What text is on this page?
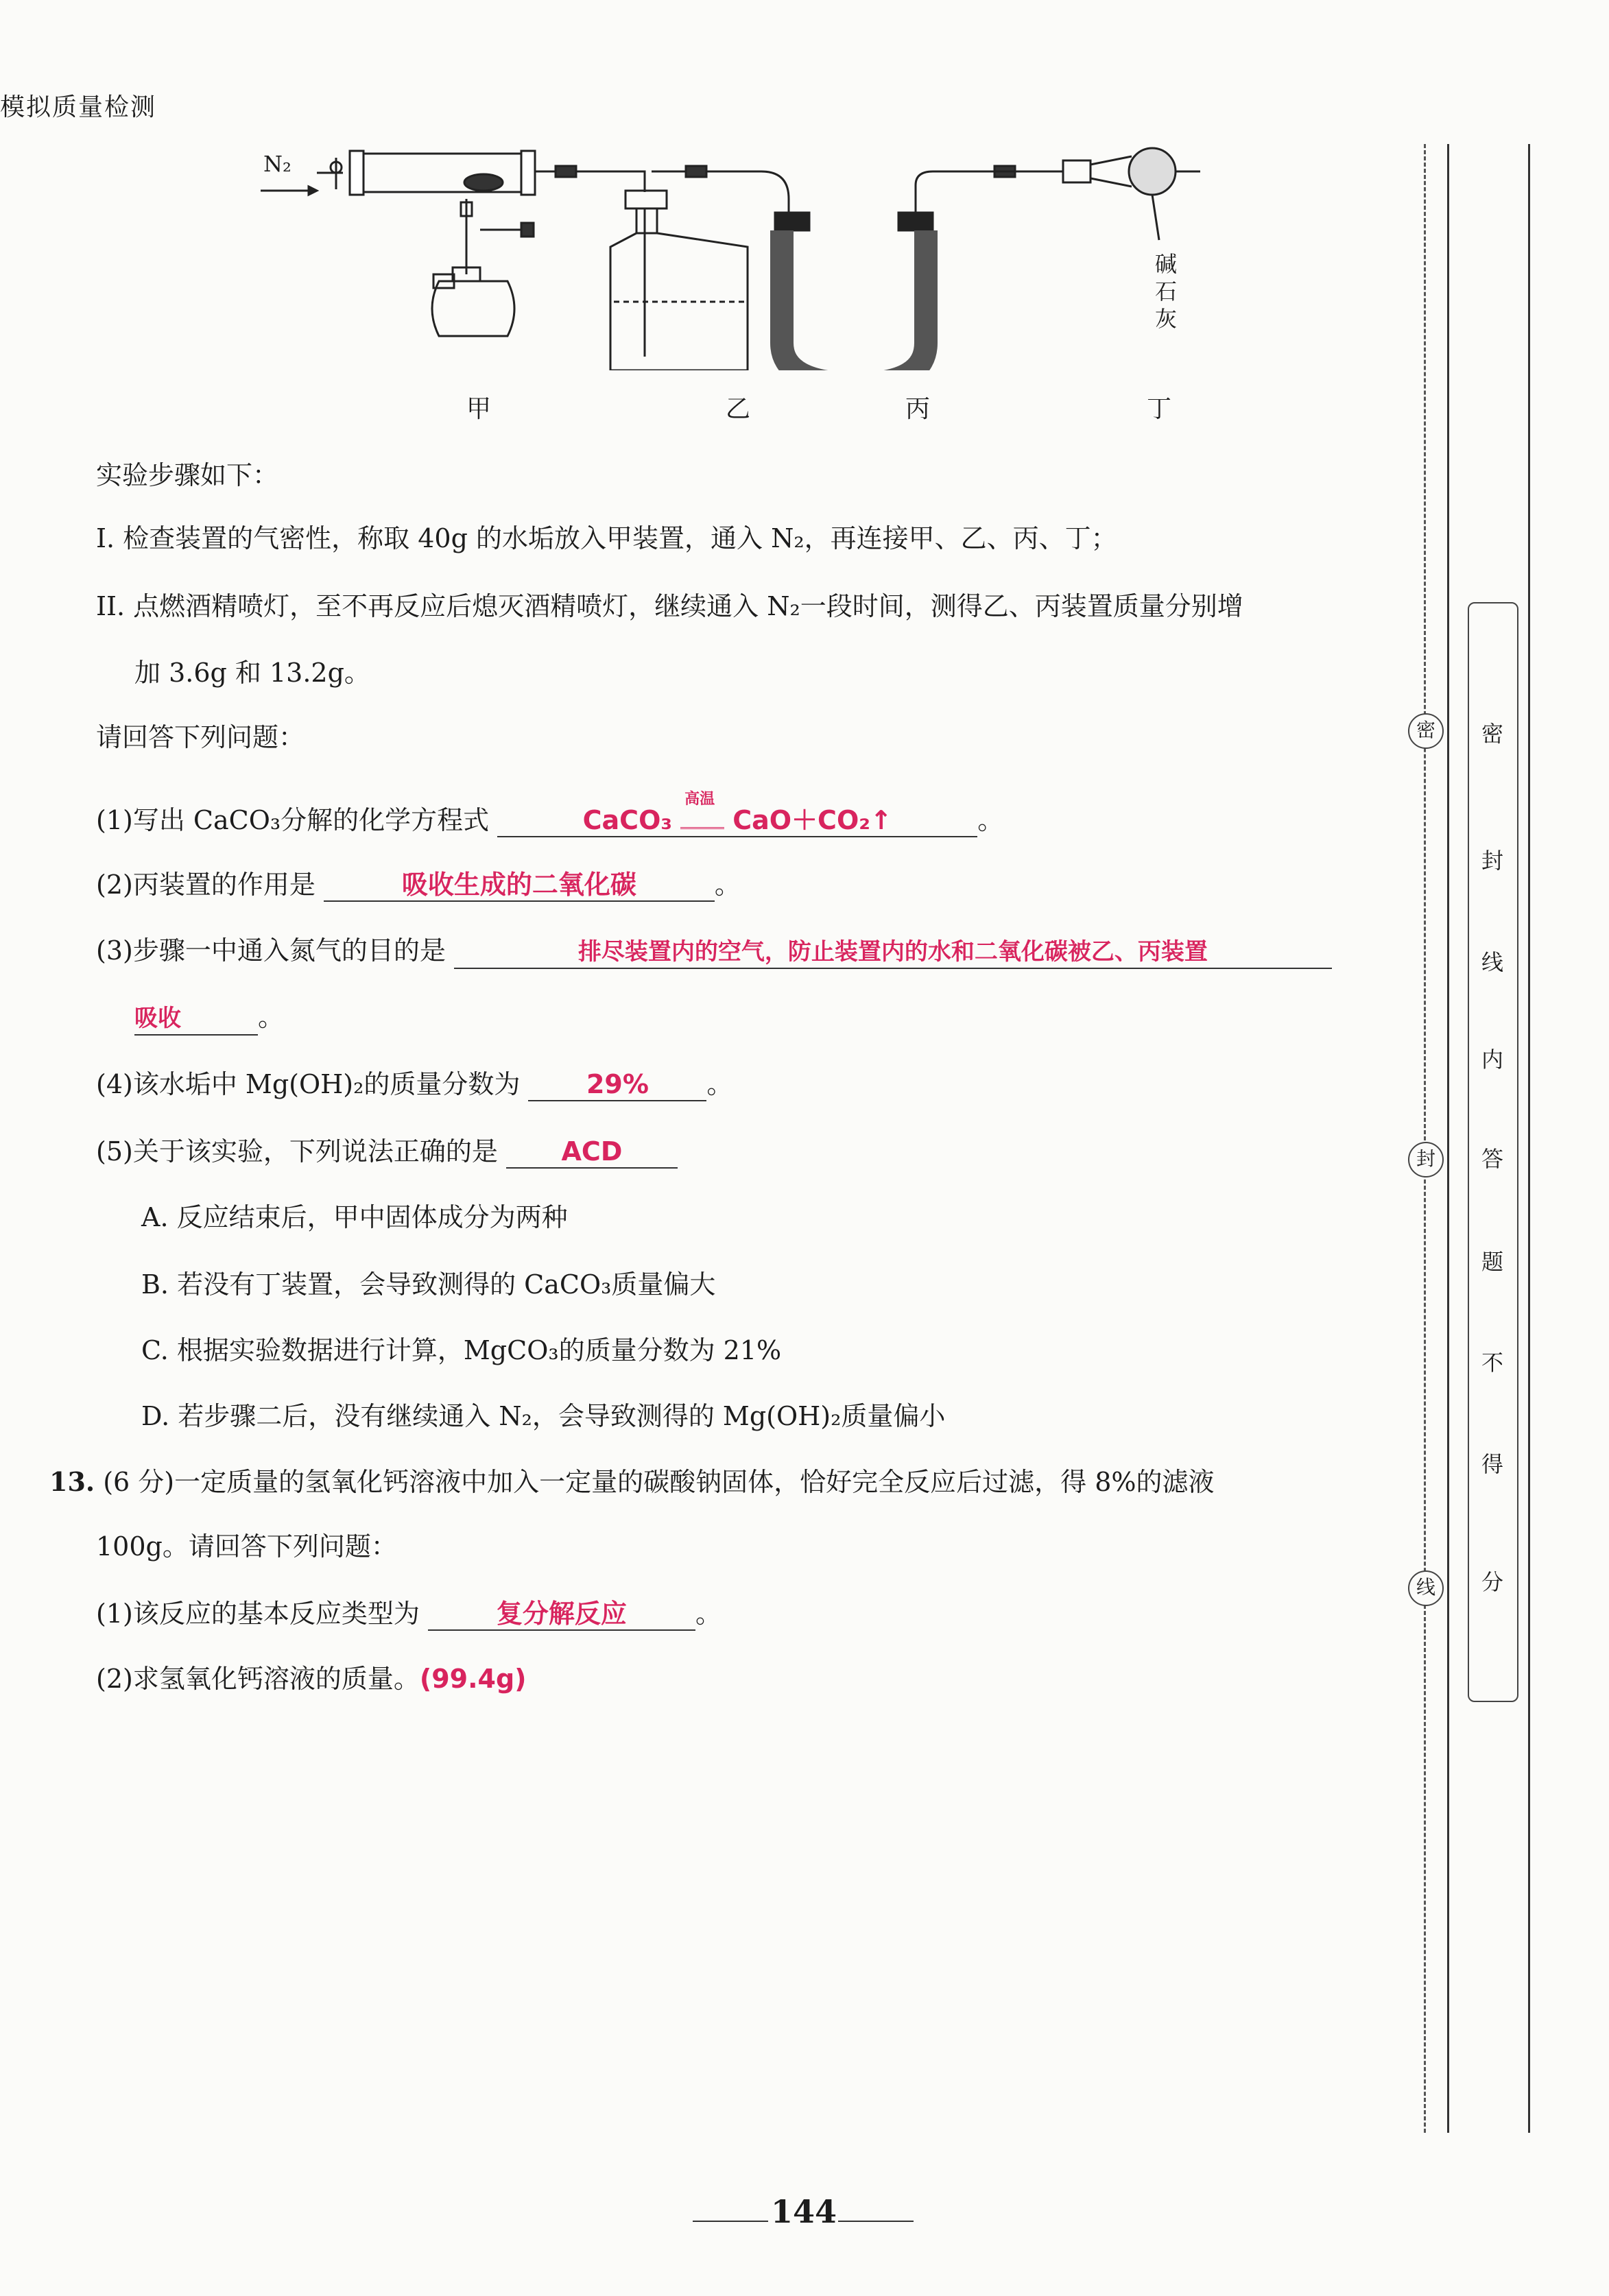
模拟质量检测
N₂
碱
石
灰
甲	乙	丙	丁
实验步骤如下：
I. 检查装置的气密性，称取 40g 的水垢放入甲装置，通入 N₂，再连接甲、乙、丙、丁；
II. 点燃酒精喷灯，至不再反应后熄灭酒精喷灯，继续通入 N₂一段时间，测得乙、丙装置质量分别增
加 3.6g 和 13.2g。
请回答下列问题：
(1)写出 CaCO₃分解的化学方程式	CaCO₃
高温
CaO＋CO₂↑	。
(2)丙装置的作用是	吸收生成的二氧化碳	。
(3)步骤一中通入氮气的目的是	排尽装置内的空气，防止装置内的水和二氧化碳被乙、丙装置
吸收	。
(4)该水垢中 Mg(OH)₂的质量分数为	29% 。
(5)关于该实验，下列说法正确的是 ACD
A. 反应结束后，甲中固体成分为两种
B. 若没有丁装置，会导致测得的 CaCO₃质量偏大
C. 根据实验数据进行计算，MgCO₃的质量分数为 21%
D. 若步骤二后，没有继续通入 N₂，会导致测得的 Mg(OH)₂质量偏小
13. (6 分)一定质量的氢氧化钙溶液中加入一定量的碳酸钠固体，恰好完全反应后过滤，得 8%的滤液
100g。请回答下列问题：
(1)该反应的基本反应类型为	复分解反应	。
(2)求氢氧化钙溶液的质量。(99.4g)
密
封
线
内
答
题
不
得
分
密
封
线
144
